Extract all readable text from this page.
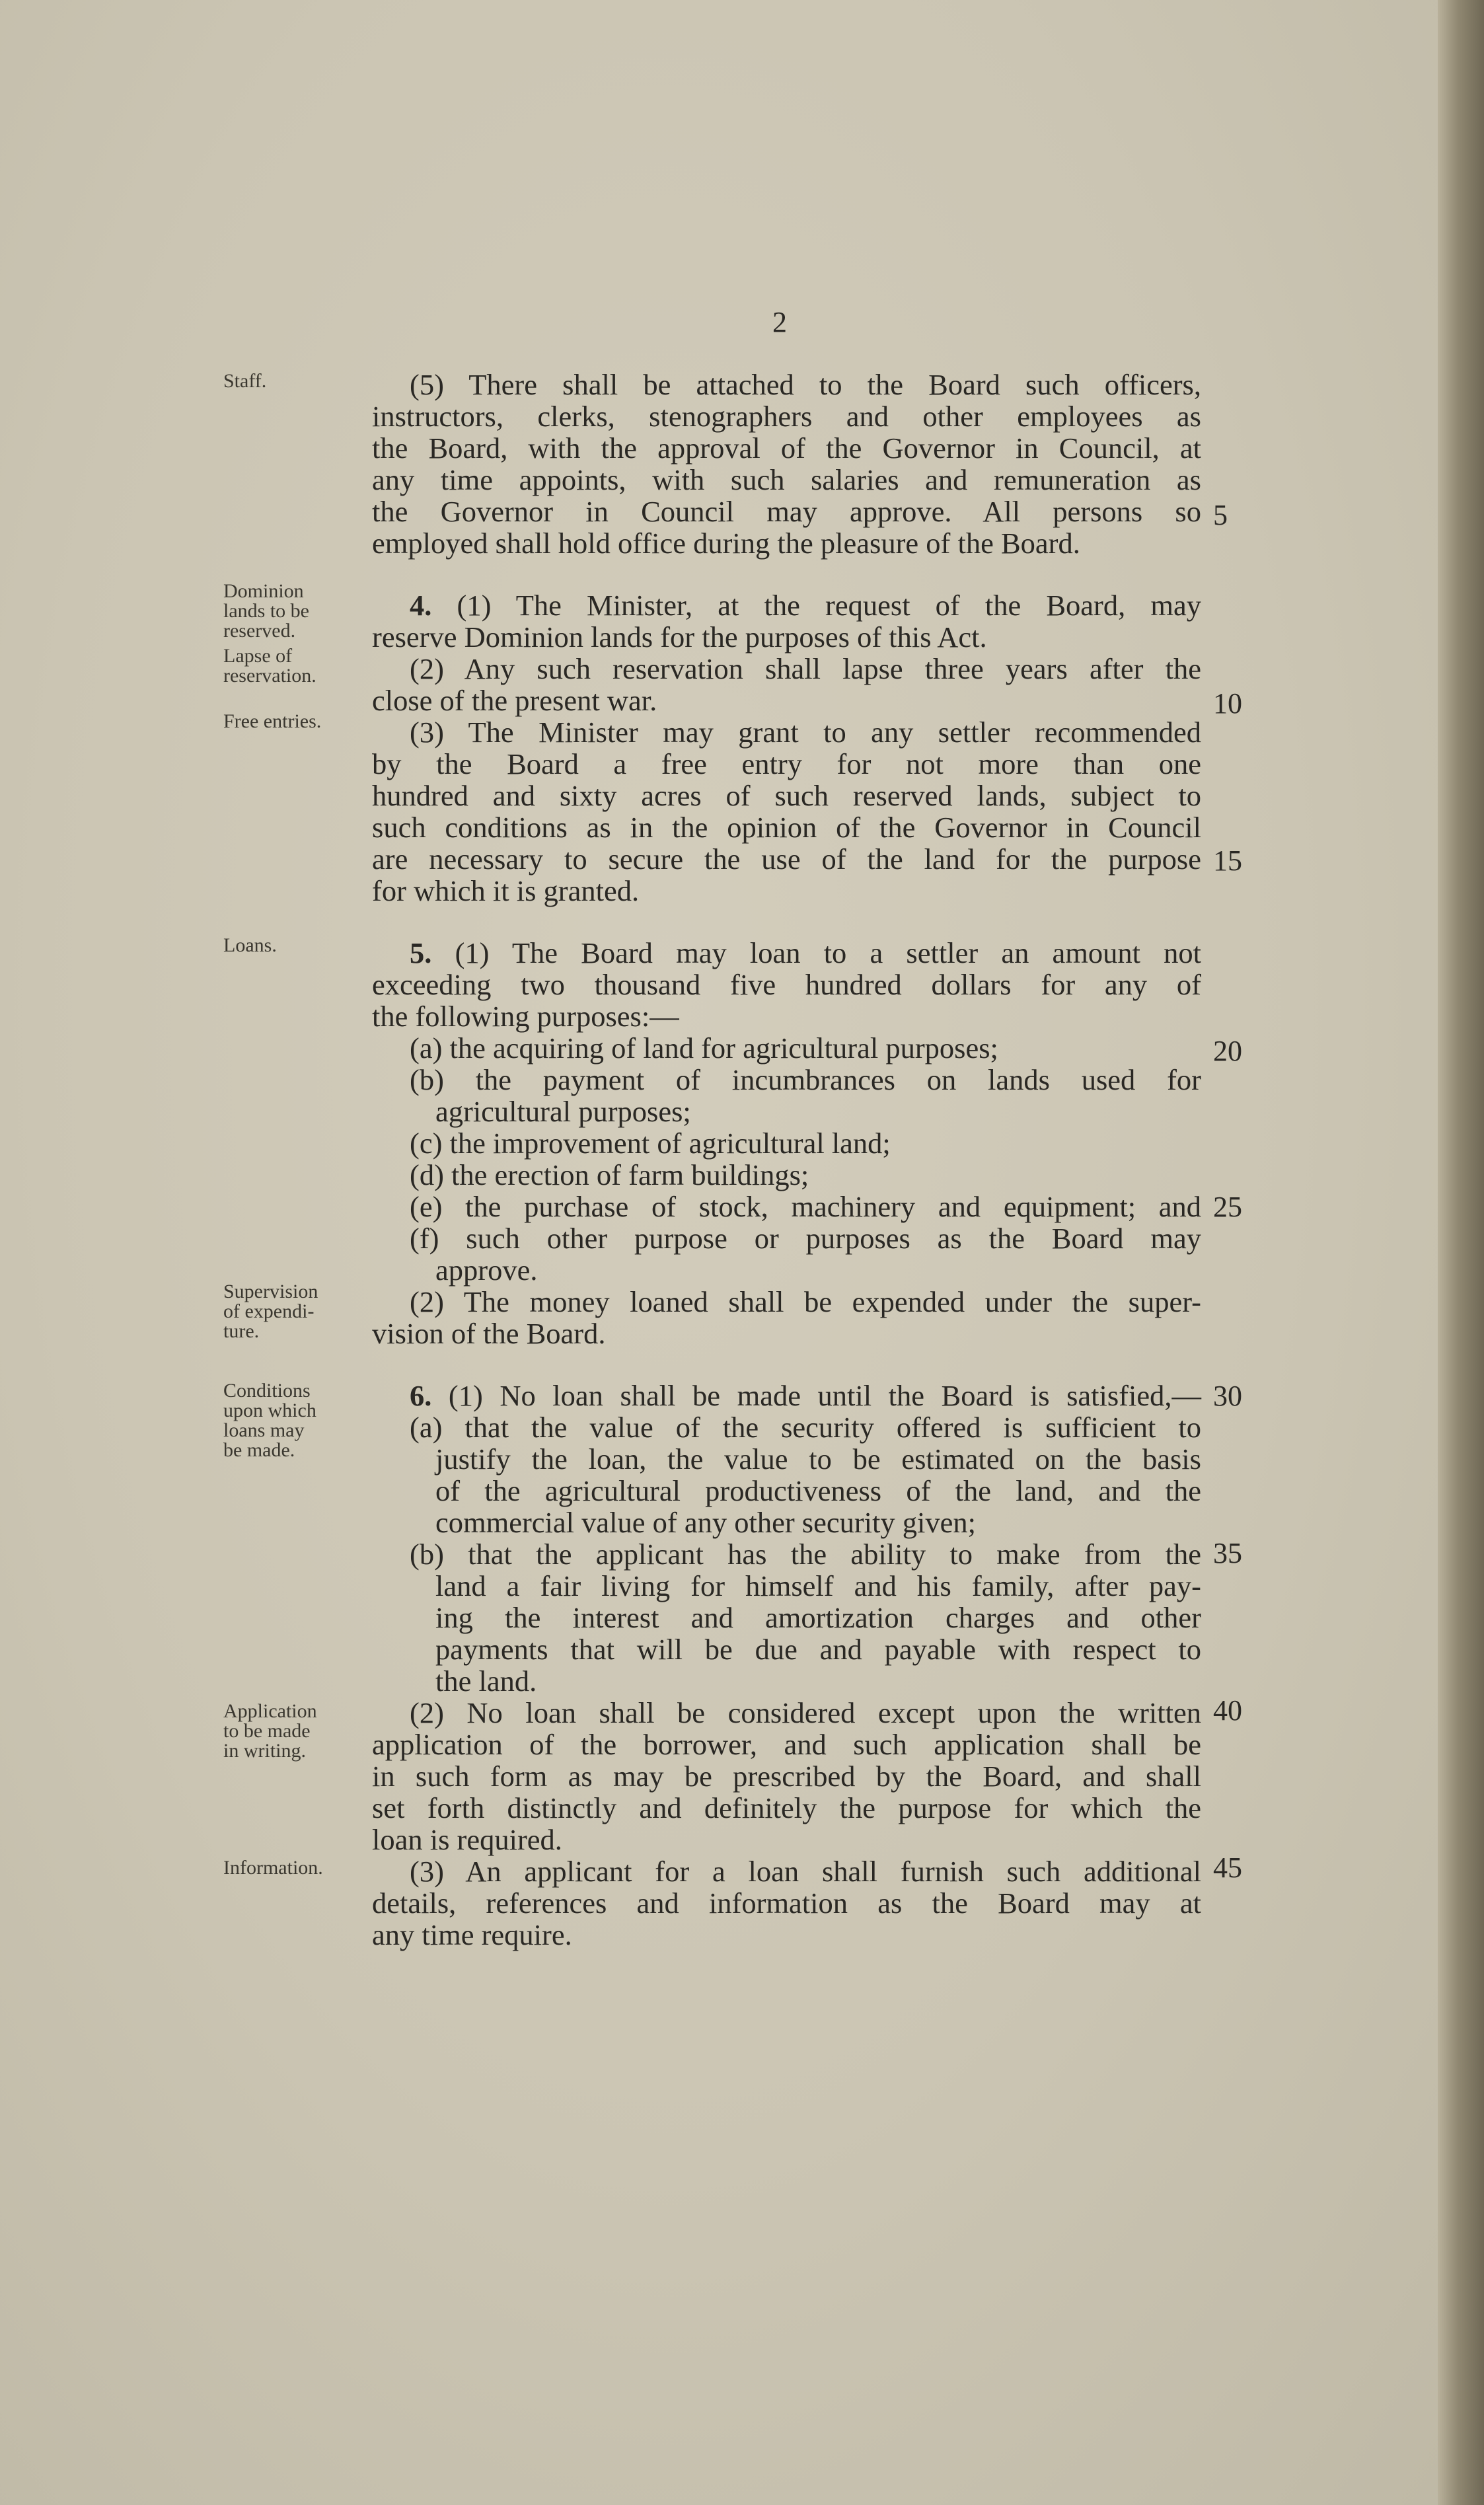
2
Staff.
Dominion
lands to be
reserved.
Lapse of
reservation.
Free entries.
Loans.
Supervision
of expendi-
ture.
Conditions
upon which
loans may
be made.
Application
to be made
in writing.
Information.
5
10
15
20
25
30
35
40
45
(5) There shall be attached to the Board such officers,
instructors, clerks, stenographers and other employees as
the Board, with the approval of the Governor in Council, at
any time appoints, with such salaries and remuneration as
the Governor in Council may approve. All persons so
employed shall hold office during the pleasure of the Board.
4. (1) The Minister, at the request of the Board, may
reserve Dominion lands for the purposes of this Act.
(2) Any such reservation shall lapse three years after the
close of the present war.
(3) The Minister may grant to any settler recommended
by the Board a free entry for not more than one
hundred and sixty acres of such reserved lands, subject to
such conditions as in the opinion of the Governor in Council
are necessary to secure the use of the land for the purpose
for which it is granted.
5. (1) The Board may loan to a settler an amount not
exceeding two thousand five hundred dollars for any of
the following purposes:—
(a) the acquiring of land for agricultural purposes;
(b) the payment of incumbrances on lands used for
agricultural purposes;
(c) the improvement of agricultural land;
(d) the erection of farm buildings;
(e) the purchase of stock, machinery and equipment; and
(f) such other purpose or purposes as the Board may
approve.
(2) The money loaned shall be expended under the super-
vision of the Board.
6. (1) No loan shall be made until the Board is satisfied,—
(a) that the value of the security offered is sufficient to
justify the loan, the value to be estimated on the basis
of the agricultural productiveness of the land, and the
commercial value of any other security given;
(b) that the applicant has the ability to make from the
land a fair living for himself and his family, after pay-
ing the interest and amortization charges and other
payments that will be due and payable with respect to
the land.
(2) No loan shall be considered except upon the written
application of the borrower, and such application shall be
in such form as may be prescribed by the Board, and shall
set forth distinctly and definitely the purpose for which the
loan is required.
(3) An applicant for a loan shall furnish such additional
details, references and information as the Board may at
any time require.
